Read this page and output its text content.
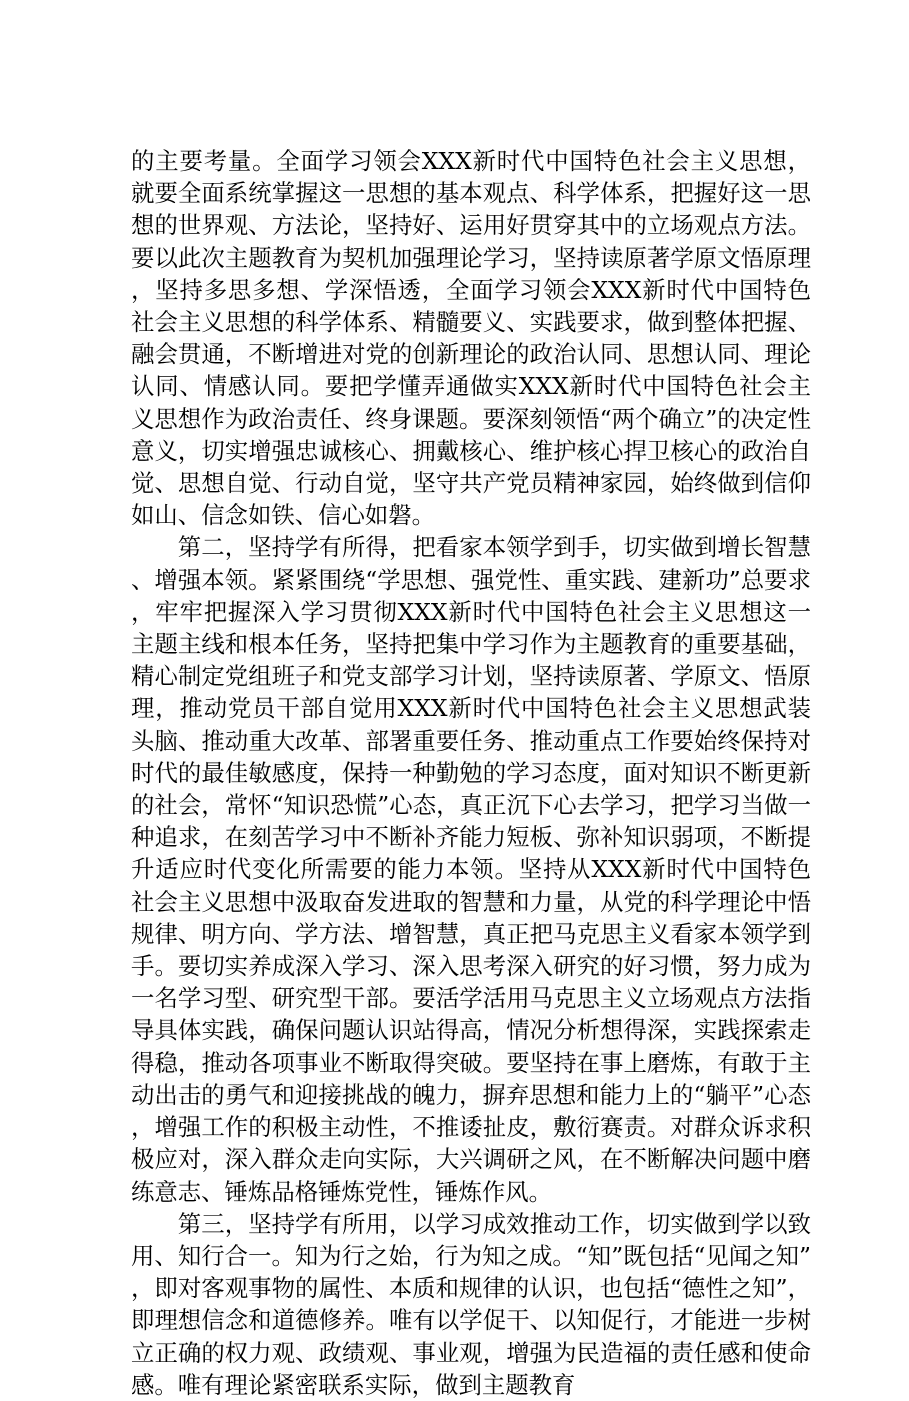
的主要考量。全面学习领会XXX新时代中国特色社会主义思想，就要全面系统掌握这一思想的基本观点、科学体系，把握好这一思想的世界观、方法论，坚持好、运用好贯穿其中的立场观点方法。要以此次主题教育为契机加强理论学习，坚持读原著学原文悟原理，坚持多思多想、学深悟透，全面学习领会XXX新时代中国特色社会主义思想的科学体系、精髓要义、实践要求，做到整体把握、融会贯通，不断增进对党的创新理论的政治认同、思想认同、理论认同、情感认同。要把学懂弄通做实XXX新时代中国特色社会主义思想作为政治责任、终身课题。要深刻领悟“两个确立”的决定性意义，切实增强忠诚核心、拥戴核心、维护核心捍卫核心的政治自觉、思想自觉、行动自觉，坚守共产党员精神家园，始终做到信仰如山、信念如铁、信心如磐。

第二，坚持学有所得，把看家本领学到手，切实做到增长智慧、增强本领。紧紧围绕“学思想、强党性、重实践、建新功”总要求，牢牢把握深入学习贯彻XXX新时代中国特色社会主义思想这一主题主线和根本任务，坚持把集中学习作为主题教育的重要基础，精心制定党组班子和党支部学习计划，坚持读原著、学原文、悟原理，推动党员干部自觉用XXX新时代中国特色社会主义思想武装头脑、推动重大改革、部署重要任务、推动重点工作要始终保持对时代的最佳敏感度，保持一种勤勉的学习态度，面对知识不断更新的社会，常怀“知识恐慌”心态，真正沉下心去学习，把学习当做一种追求，在刻苦学习中不断补齐能力短板、弥补知识弱项，不断提升适应时代变化所需要的能力本领。坚持从XXX新时代中国特色社会主义思想中汲取奋发进取的智慧和力量，从党的科学理论中悟规律、明方向、学方法、增智慧，真正把马克思主义看家本领学到手。要切实养成深入学习、深入思考深入研究的好习惯，努力成为一名学习型、研究型干部。要活学活用马克思主义立场观点方法指导具体实践，确保问题认识站得高，情况分析想得深，实践探索走得稳，推动各项事业不断取得突破。要坚持在事上磨炼，有敢于主动出击的勇气和迎接挑战的魄力，摒弃思想和能力上的“躺平”心态，增强工作的积极主动性，不推诿扯皮，敷衍赛责。对群众诉求积极应对，深入群众走向实际，大兴调研之风，在不断解决问题中磨练意志、锤炼品格锤炼党性，锤炼作风。

第三，坚持学有所用，以学习成效推动工作，切实做到学以致用、知行合一。知为行之始，行为知之成。“知”既包括“见闻之知”，即对客观事物的属性、本质和规律的认识，也包括“德性之知”，即理想信念和道德修养。唯有以学促干、以知促行，才能进一步树立正确的权力观、政绩观、事业观，增强为民造福的责任感和使命感。唯有理论紧密联系实际，做到主题教育
